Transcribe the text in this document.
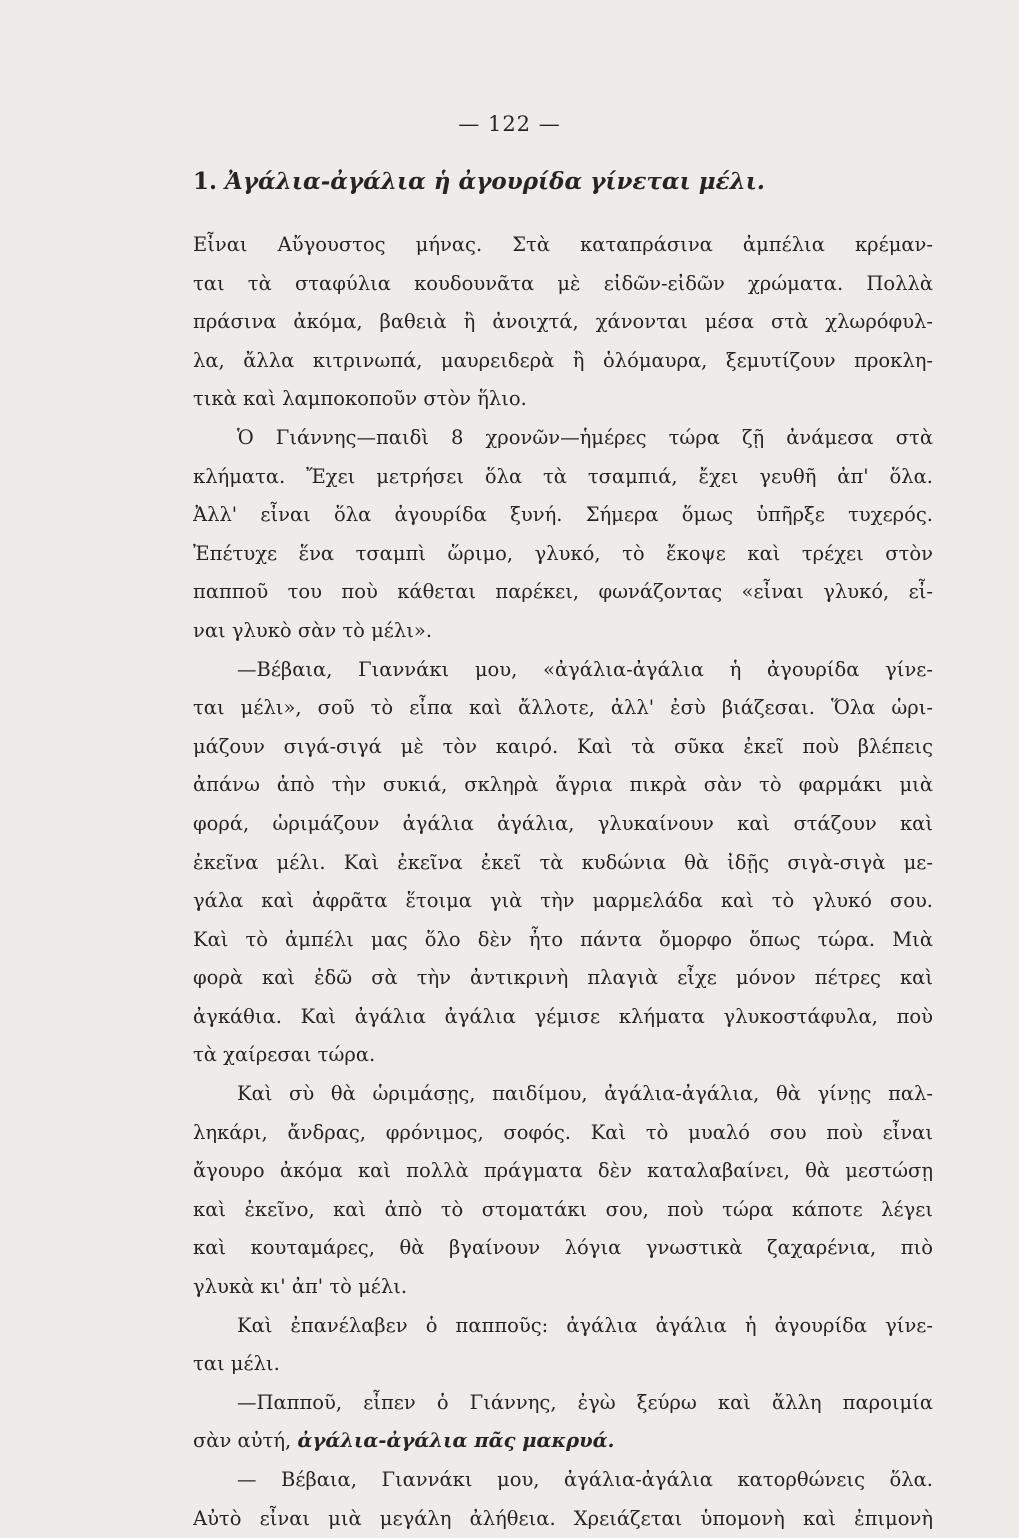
— 122 —
1. Ἀγάλια-ἀγάλια ἡ ἀγουρίδα γίνεται μέλι.
Εἶναι Αὔγουστος μήνας. Στὰ καταπράσινα ἀμπέλια κρέμαν-
ται τὰ σταφύλια κουδουνᾶτα μὲ εἰδῶν-εἰδῶν χρώματα. Πολλὰ
πράσινα ἀκόμα, βαθειὰ ἢ ἀνοιχτά, χάνονται μέσα στὰ χλωρόφυλ-
λα, ἄλλα κιτρινωπά, μαυρειδερὰ ἢ ὁλόμαυρα, ξεμυτίζουν προκλη-
τικὰ καὶ λαμποκοποῦν στὸν ἥλιο.
Ὁ Γιάννης—παιδὶ 8 χρονῶν—ἡμέρες τώρα ζῇ ἀνάμεσα στὰ
κλήματα. Ἔχει μετρήσει ὅλα τὰ τσαμπιά, ἔχει γευθῆ ἀπ' ὅλα.
Ἀλλ' εἶναι ὅλα ἀγουρίδα ξυνή. Σήμερα ὅμως ὑπῆρξε τυχερός.
Ἐπέτυχε ἕνα τσαμπὶ ὥριμο, γλυκό, τὸ ἔκοψε καὶ τρέχει στὸν
παπποῦ του ποὺ κάθεται παρέκει, φωνάζοντας «εἶναι γλυκό, εἶ-
ναι γλυκὸ σὰν τὸ μέλι».
—Βέβαια, Γιαννάκι μου, «ἀγάλια-ἀγάλια ἡ ἀγουρίδα γίνε-
ται μέλι», σοῦ τὸ εἶπα καὶ ἄλλοτε, ἀλλ' ἐσὺ βιάζεσαι. Ὅλα ὡρι-
μάζουν σιγά-σιγά μὲ τὸν καιρό. Καὶ τὰ σῦκα ἐκεῖ ποὺ βλέπεις
ἀπάνω ἀπὸ τὴν συκιά, σκληρὰ ἄγρια πικρὰ σὰν τὸ φαρμάκι μιὰ
φορά, ὡριμάζουν ἀγάλια ἀγάλια, γλυκαίνουν καὶ στάζουν καὶ
ἐκεῖνα μέλι. Καὶ ἐκεῖνα ἐκεῖ τὰ κυδώνια θὰ ἰδῇς σιγὰ-σιγὰ με-
γάλα καὶ ἀφρᾶτα ἕτοιμα γιὰ τὴν μαρμελάδα καὶ τὸ γλυκό σου.
Καὶ τὸ ἀμπέλι μας ὅλο δὲν ἦτο πάντα ὄμορφο ὅπως τώρα. Μιὰ
φορὰ καὶ ἐδῶ σὰ τὴν ἀντικρινὴ πλαγιὰ εἶχε μόνον πέτρες καὶ
ἀγκάθια. Καὶ ἀγάλια ἀγάλια γέμισε κλήματα γλυκοστάφυλα, ποὺ
τὰ χαίρεσαι τώρα.
Καὶ σὺ θὰ ὡριμάσῃς, παιδίμου, ἀγάλια-ἀγάλια, θὰ γίνῃς παλ-
ληκάρι, ἄνδρας, φρόνιμος, σοφός. Καὶ τὸ μυαλό σου ποὺ εἶναι
ἄγουρο ἀκόμα καὶ πολλὰ πράγματα δὲν καταλαβαίνει, θὰ μεστώσῃ
καὶ ἐκεῖνο, καὶ ἀπὸ τὸ στοματάκι σου, ποὺ τώρα κάποτε λέγει
καὶ κουταμάρες, θὰ βγαίνουν λόγια γνωστικὰ ζαχαρένια, πιὸ
γλυκὰ κι' ἀπ' τὸ μέλι.
Καὶ ἐπανέλαβεν ὁ παπποῦς: ἀγάλια ἀγάλια ἡ ἀγουρίδα γίνε-
ται μέλι.
—Παπποῦ, εἶπεν ὁ Γιάννης, ἐγὼ ξεύρω καὶ ἄλλη παροιμία
σὰν αὐτή, ἀγάλια-ἀγάλια πᾶς μακρυά.
— Βέβαια, Γιαννάκι μου, ἀγάλια-ἀγάλια κατορθώνεις ὅλα.
Αὐτὸ εἶναι μιὰ μεγάλη ἀλήθεια. Χρειάζεται ὑπομονὴ καὶ ἐπιμονὴ
